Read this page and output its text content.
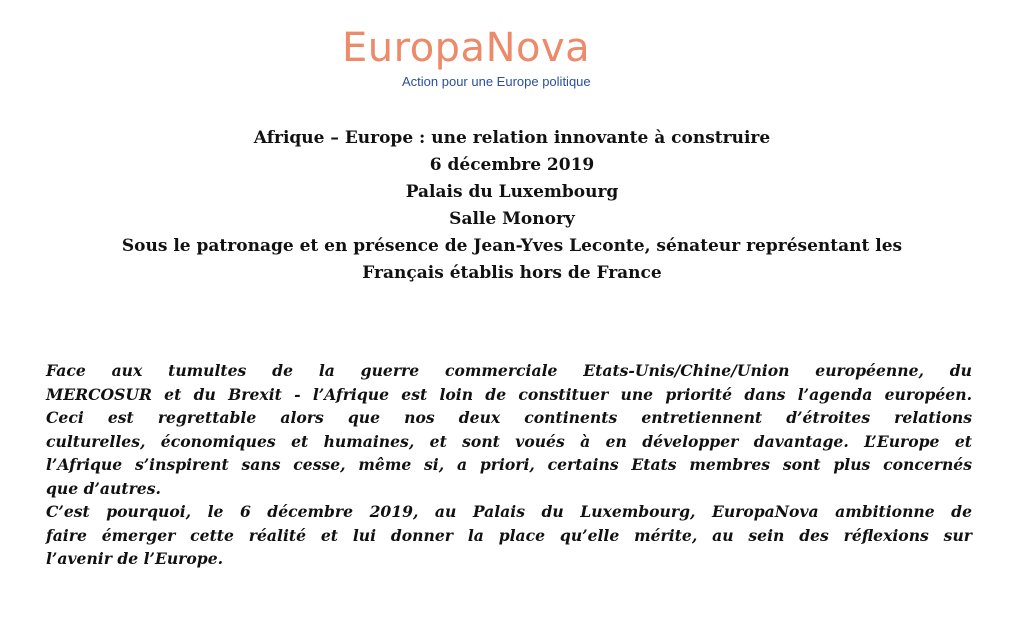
EuropaNova
Action pour une Europe politique
Afrique – Europe : une relation innovante à construire
6 décembre 2019
Palais du Luxembourg
Salle Monory
Sous le patronage et en présence de Jean-Yves Leconte, sénateur représentant les
Français établis hors de France
Face aux tumultes de la guerre commerciale Etats-Unis/Chine/Union européenne, du
MERCOSUR et du Brexit - l’Afrique est loin de constituer une priorité dans l’agenda européen.
Ceci est regrettable alors que nos deux continents entretiennent d’étroites relations
culturelles, économiques et humaines, et sont voués à en développer davantage. L’Europe et
l’Afrique s’inspirent sans cesse, même si, a priori, certains Etats membres sont plus concernés
que d’autres.
C’est pourquoi, le 6 décembre 2019, au Palais du Luxembourg, EuropaNova ambitionne de
faire émerger cette réalité et lui donner la place qu’elle mérite, au sein des réflexions sur
l’avenir de l’Europe.
